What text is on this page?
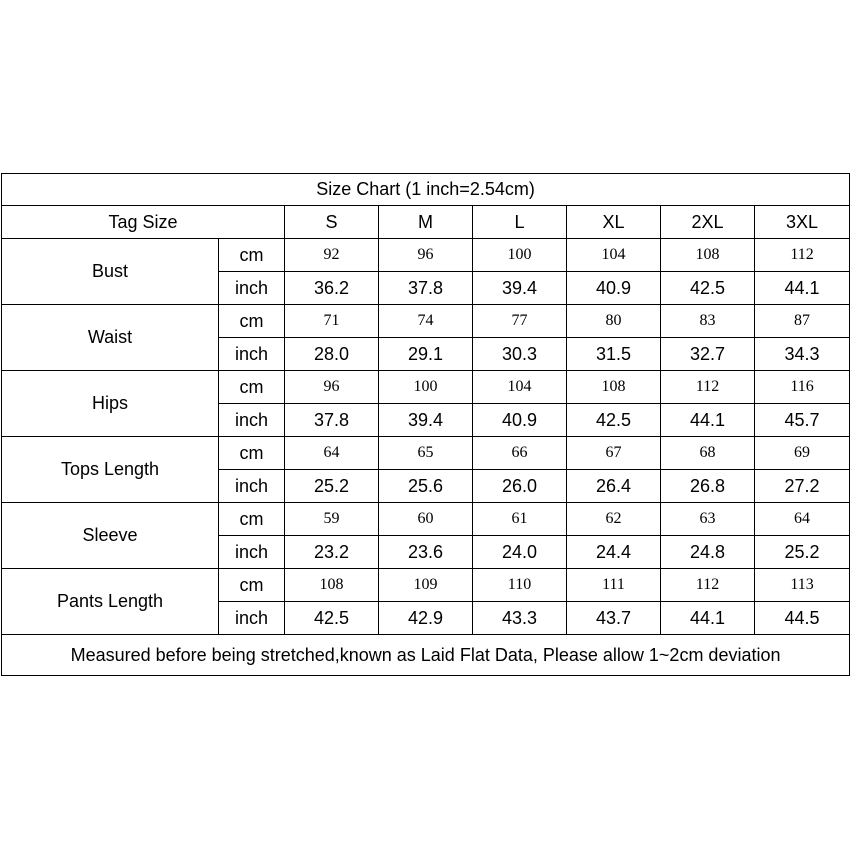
Size Chart (1 inch=2.54cm)							
Tag Size		S	M	L	XL	2XL	3XL
Bust	cm	92	96	100	104	108	112
	inch	36.2	37.8	39.4	40.9	42.5	44.1
Waist	cm	71	74	77	80	83	87
	inch	28.0	29.1	30.3	31.5	32.7	34.3
Hips	cm	96	100	104	108	112	116
	inch	37.8	39.4	40.9	42.5	44.1	45.7
Tops Length	cm	64	65	66	67	68	69
	inch	25.2	25.6	26.0	26.4	26.8	27.2
Sleeve	cm	59	60	61	62	63	64
	inch	23.2	23.6	24.0	24.4	24.8	25.2
Pants Length	cm	108	109	110	111	112	113
	inch	42.5	42.9	43.3	43.7	44.1	44.5
Measured before being stretched,known as Laid Flat Data, Please allow 1~2cm deviation							
